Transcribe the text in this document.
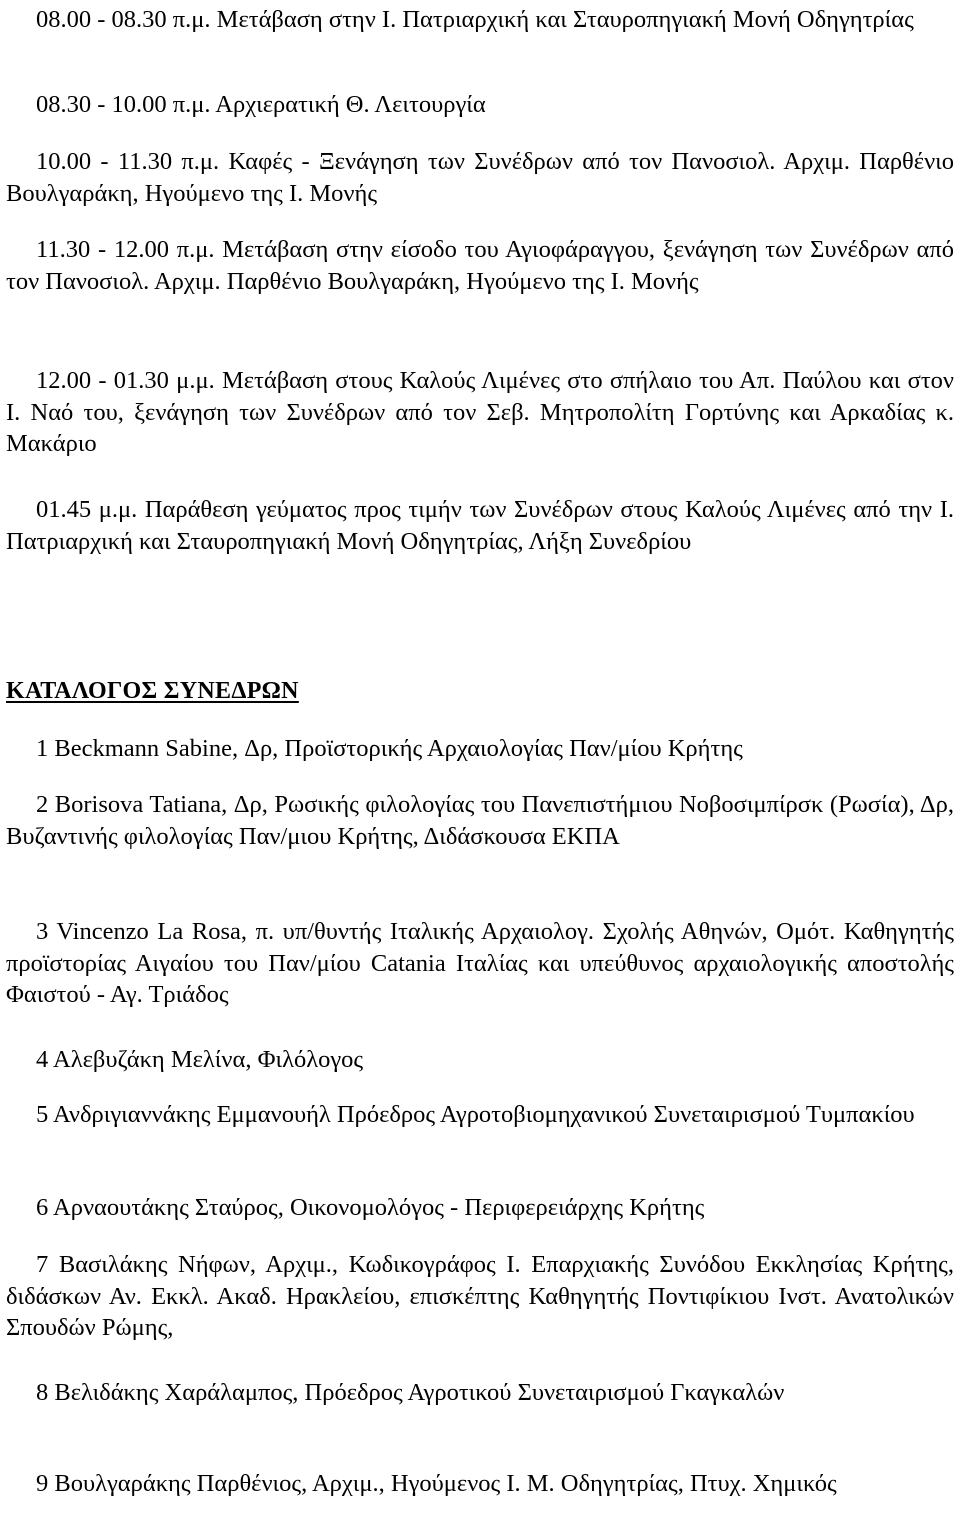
08.00 - 08.30 π.μ. Μετάβαση στην Ι. Πατριαρχική και Σταυροπηγιακή Μονή Οδηγητρίας

08.30 - 10.00 π.μ. Αρχιερατική Θ. Λειτουργία

10.00 - 11.30 π.μ. Καφές - Ξενάγηση των Συνέδρων από τον Πανοσιολ. Αρχιμ. Παρθένιο Βουλγαράκη, Ηγούμενο της Ι. Μονής

11.30 - 12.00 π.μ. Μετάβαση στην είσοδο του Αγιοφάραγγου, ξενάγηση των Συνέδρων από τον Πανοσιολ. Αρχιμ. Παρθένιο Βουλγαράκη, Ηγούμενο της Ι. Μονής

12.00 - 01.30 μ.μ. Μετάβαση στους Καλούς Λιμένες στο σπήλαιο του Απ. Παύλου και στον Ι. Ναό του, ξενάγηση των Συνέδρων από τον Σεβ. Μητροπολίτη Γορτύνης και Αρκαδίας κ. Μακάριο

01.45 μ.μ. Παράθεση γεύματος προς τιμήν των Συνέδρων στους Καλούς Λιμένες από την Ι. Πατριαρχική και Σταυροπηγιακή Μονή Οδηγητρίας, Λήξη Συνεδρίου

ΚΑΤΑΛΟΓΟΣ ΣΥΝΕΔΡΩΝ

1 Beckmann Sabine, Δρ, Προϊστορικής Αρχαιολογίας Παν/μίου Κρήτης

2 Borisova Tatiana, Δρ, Ρωσικής φιλολογίας του Πανεπιστήμιου Νοβοσιμπίρσκ (Ρωσία), Δρ, Βυζαντινής φιλολογίας Παν/μιου Κρήτης, Διδάσκουσα ΕΚΠΑ

3 Vincenzo La Rosa, π. υπ/θυντής Ιταλικής Αρχαιολογ. Σχολής Αθηνών, Ομότ. Καθηγητής προϊστορίας Αιγαίου του Παν/μίου Catania Ιταλίας και υπεύθυνος αρχαιολογικής αποστολής Φαιστού - Αγ. Τριάδος

4 Αλεβυζάκη Μελίνα, Φιλόλογος

5 Ανδριγιαννάκης Εμμανουήλ Πρόεδρος Αγροτοβιομηχανικού Συνεταιρισμού Τυμπακίου

6 Αρναουτάκης Σταύρος, Οικονομολόγος - Περιφερειάρχης Κρήτης

7 Βασιλάκης Νήφων, Αρχιμ., Κωδικογράφος Ι. Επαρχιακής Συνόδου Εκκλησίας Κρήτης, διδάσκων Αν. Εκκλ. Ακαδ. Ηρακλείου, επισκέπτης Καθηγητής Ποντιφίκιου Ινστ. Ανατολικών Σπουδών Ρώμης,

8 Βελιδάκης Χαράλαμπος, Πρόεδρος Αγροτικού Συνεταιρισμού Γκαγκαλών

9 Βουλγαράκης Παρθένιος, Αρχιμ., Ηγούμενος Ι. Μ. Οδηγητρίας, Πτυχ. Χημικός
